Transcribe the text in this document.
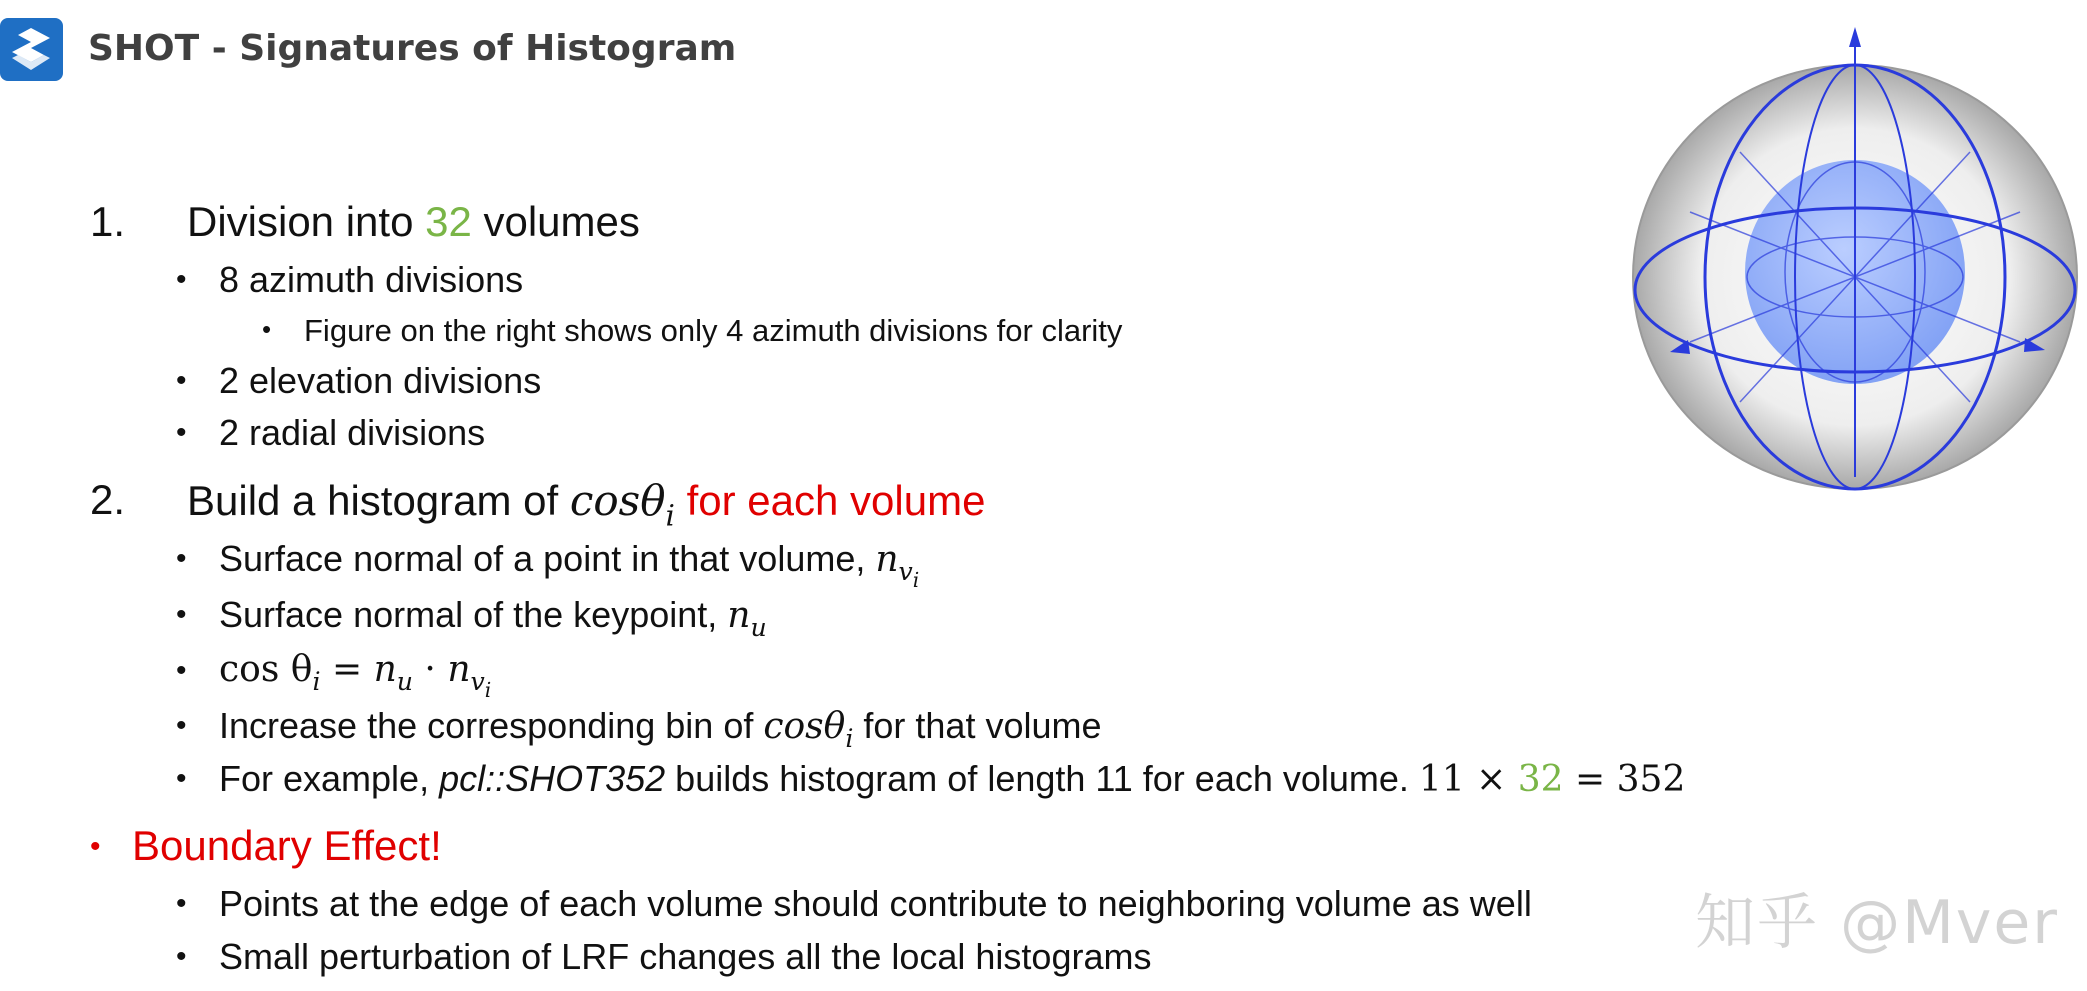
SHOT - Signatures of Histogram
1. Division into 32 volumes
• 8 azimuth divisions
• Figure on the right shows only 4 azimuth divisions for clarity
• 2 elevation divisions
• 2 radial divisions
2. Build a histogram of cosθ$_i$ for each volume
• Surface normal of a point in that volume, $n_{v_i}$
• Surface normal of the keypoint, $n_u$
• $\cos \theta_i = n_u \cdot n_{v_i}$
• Increase the corresponding bin of cosθ$_i$ for that volume
• For example, pcl::SHOT352 builds histogram of length 11 for each volume. 11 × 32 = 352
• Boundary Effect!
• Points at the edge of each volume should contribute to neighboring volume as well
• Small perturbation of LRF changes all the local histograms	知乎 @Mver
